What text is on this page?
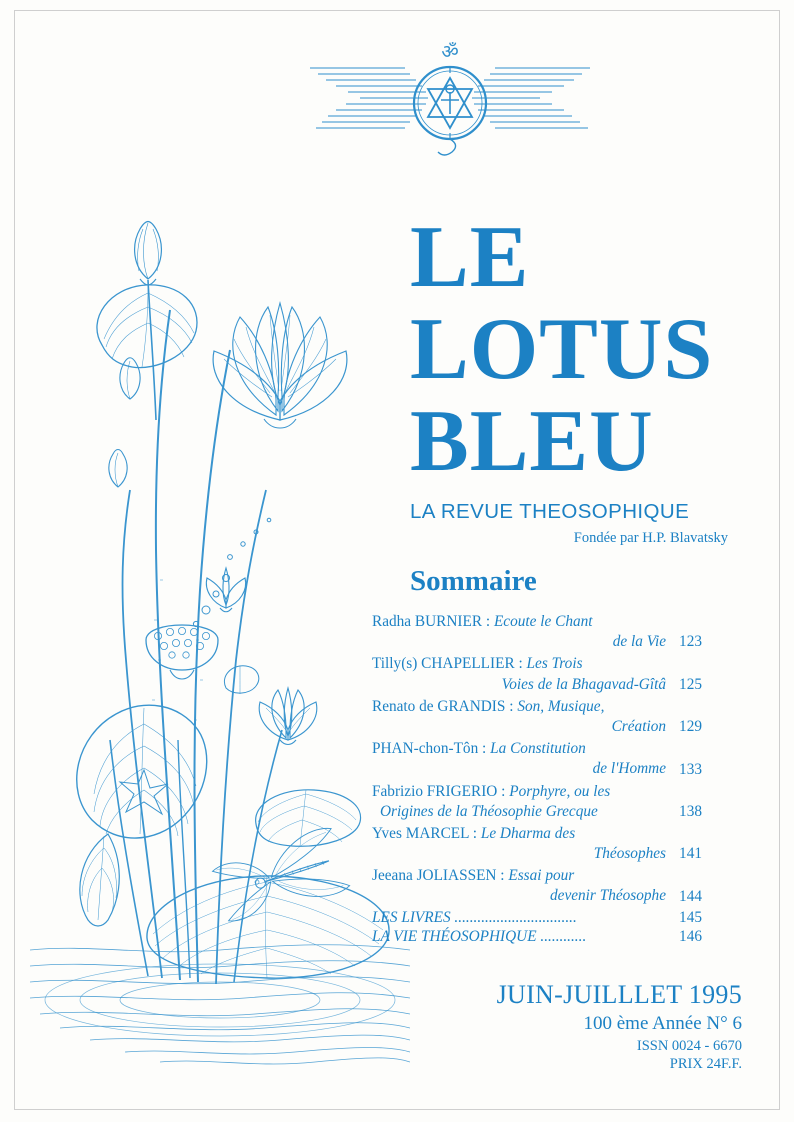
ॐ
LE
LOTUS
BLEU
LA REVUE THEOSOPHIQUE
Fondée par H.P. Blavatsky
Sommaire
Radha BURNIER : Ecoute le Chant
de la Vie 123
Tilly(s) CHAPELLIER : Les Trois
Voies de la Bhagavad-Gîtâ 125
Renato de GRANDIS : Son, Musique,
Création 129
PHAN-chon-Tôn : La Constitution
de l'Homme 133
Fabrizio FRIGERIO : Porphyre, ou les
Origines de la Théosophie Grecque	138
Yves MARCEL : Le Dharma des
Théosophes 141
Jeeana JOLIASSEN : Essai pour
devenir Théosophe 144
LES LIVRES ................................	145
LA VIE THÉOSOPHIQUE ............	146
JUIN-JUILLLET 1995
100 ème Année N° 6
ISSN 0024 - 6670
PRIX 24F.F.
